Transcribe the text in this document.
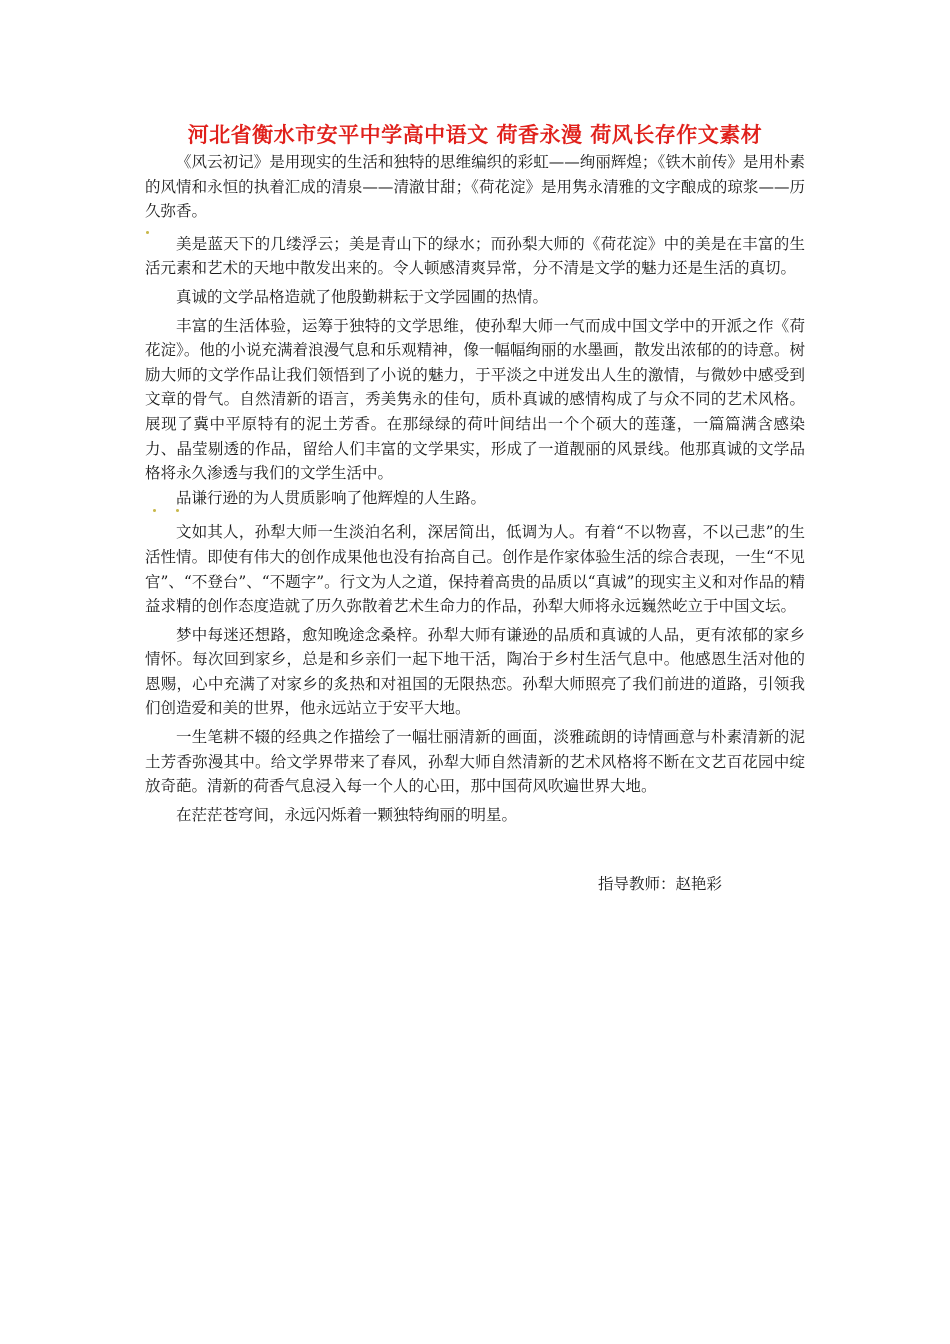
河北省衡水市安平中学高中语文 荷香永漫 荷风长存作文素材

《风云初记》是用现实的生活和独特的思维编织的彩虹——绚丽辉煌；《铁木前传》是用朴素的风情和永恒的执着汇成的清泉——清澈甘甜；《荷花淀》是用隽永清雅的文字酿成的琼浆——历久弥香。

美是蓝天下的几缕浮云；美是青山下的绿水；而孙梨大师的《荷花淀》中的美是在丰富的生活元素和艺术的天地中散发出来的。令人顿感清爽异常，分不清是文学的魅力还是生活的真切。

真诚的文学品格造就了他殷勤耕耘于文学园圃的热情。

丰富的生活体验，运筹于独特的文学思维，使孙犁大师一气而成中国文学中的开派之作《荷花淀》。他的小说充满着浪漫气息和乐观精神，像一幅幅绚丽的水墨画，散发出浓郁的的诗意。树励大师的文学作品让我们领悟到了小说的魅力，于平淡之中迸发出人生的激情，与微妙中感受到文章的骨气。自然清新的语言，秀美隽永的佳句，质朴真诚的感情构成了与众不同的艺术风格。展现了冀中平原特有的泥土芳香。在那绿绿的荷叶间结出一个个硕大的莲蓬，一篇篇满含感染力、晶莹剔透的作品，留给人们丰富的文学果实，形成了一道靓丽的风景线。他那真诚的文学品格将永久渗透与我们的文学生活中。

品谦行逊的为人贯质影响了他辉煌的人生路。

文如其人，孙犁大师一生淡泊名利，深居简出，低调为人。有着“不以物喜，不以己悲”的生活性情。即使有伟大的创作成果他也没有抬高自己。创作是作家体验生活的综合表现，一生“不见官”、“不登台”、“不题字”。行文为人之道，保持着高贵的品质以“真诚”的现实主义和对作品的精益求精的创作态度造就了历久弥散着艺术生命力的作品，孙犁大师将永远巍然屹立于中国文坛。

梦中每迷还想路，愈知晚途念桑梓。孙犁大师有谦逊的品质和真诚的人品，更有浓郁的家乡情怀。每次回到家乡，总是和乡亲们一起下地干活，陶冶于乡村生活气息中。他感恩生活对他的恩赐，心中充满了对家乡的炙热和对祖国的无限热恋。孙犁大师照亮了我们前进的道路，引领我们创造爱和美的世界，他永远站立于安平大地。

一生笔耕不辍的经典之作描绘了一幅壮丽清新的画面，淡雅疏朗的诗情画意与朴素清新的泥土芳香弥漫其中。给文学界带来了春风，孙犁大师自然清新的艺术风格将不断在文艺百花园中绽放奇葩。清新的荷香气息浸入每一个人的心田，那中国荷风吹遍世界大地。

在茫茫苍穹间，永远闪烁着一颗独特绚丽的明星。

指导教师：赵艳彩
